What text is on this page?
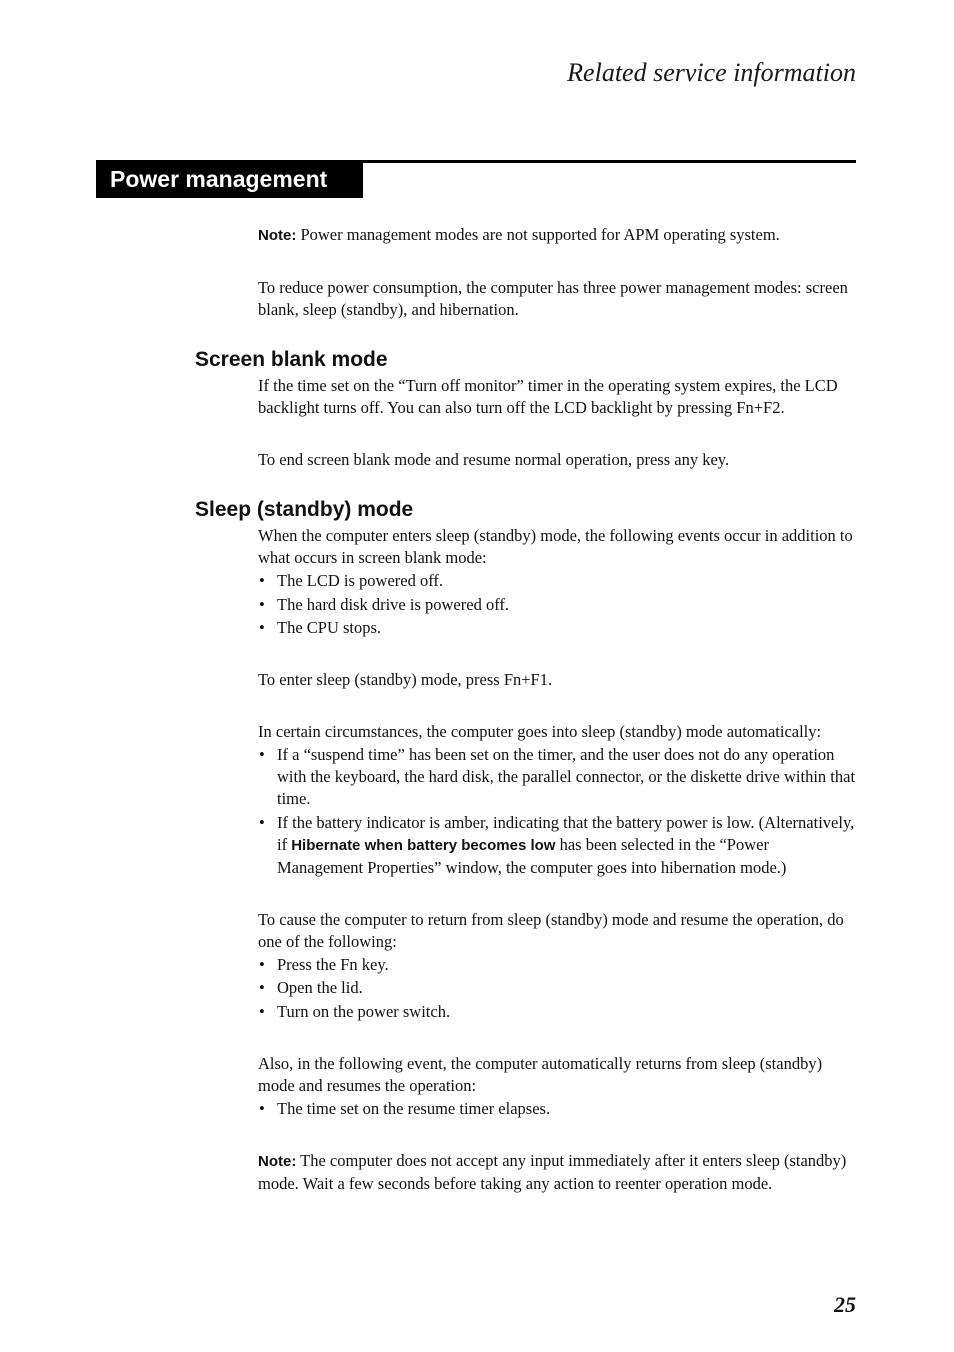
Related service information
Power management

Note: Power management modes are not supported for APM operating system.

To reduce power consumption, the computer has three power management modes: screen blank, sleep (standby), and hibernation.

Screen blank mode

If the time set on the “Turn off monitor” timer in the operating system expires, the LCD backlight turns off. You can also turn off the LCD backlight by pressing Fn+F2.

To end screen blank mode and resume normal operation, press any key.

Sleep (standby) mode

When the computer enters sleep (standby) mode, the following events occur in addition to what occurs in screen blank mode:

• The LCD is powered off.
• The hard disk drive is powered off.
• The CPU stops.

To enter sleep (standby) mode, press Fn+F1.

In certain circumstances, the computer goes into sleep (standby) mode automatically:

• If a “suspend time” has been set on the timer, and the user does not do any operation with the keyboard, the hard disk, the parallel connector, or the diskette drive within that time.
• If the battery indicator is amber, indicating that the battery power is low. (Alternatively, if Hibernate when battery becomes low has been selected in the “Power Management Properties” window, the computer goes into hibernation mode.)

To cause the computer to return from sleep (standby) mode and resume the operation, do one of the following:

• Press the Fn key.
• Open the lid.
• Turn on the power switch.

Also, in the following event, the computer automatically returns from sleep (standby) mode and resumes the operation:

• The time set on the resume timer elapses.

Note: The computer does not accept any input immediately after it enters sleep (standby) mode. Wait a few seconds before taking any action to reenter operation mode.

25
